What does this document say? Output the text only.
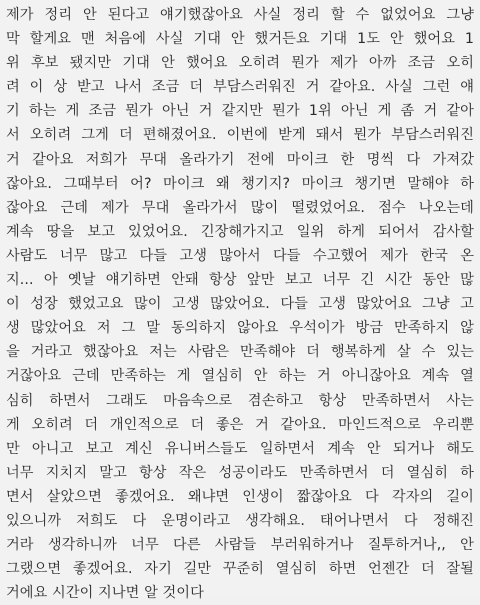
제가 정리 안 된다고 얘기했잖아요 사실 정리 할 수 없었어요 그냥
막 할게요 맨 처음에 사실 기대 안 했거든요 기대 1도 안 했어요 1
위 후보 됐지만 기대 안 했어요 오히려 뭔가 제가 아까 조금 오히
려 이 상 받고 나서 조금 더 부담스러워진 거 같아요. 사실 그런 얘
기 하는 게 조금 뭔가 아닌 거 같지만 뭔가 1위 아닌 게 좀 거 같아
서 오히려 그게 더 편해졌어요. 이번에 받게 돼서 뭔가 부담스러워진
거 같아요 저희가 무대 올라가기 전에 마이크 한 명씩 다 가져갔
잖아요. 그때부터 어? 마이크 왜 챙기지? 마이크 챙기면 말해야 하
잖아요 근데 제가 무대 올라가서 많이 떨렸었어요. 점수 나오는데
계속 땅을 보고 있었어요. 긴장해가지고 일위 하게 되어서 감사할
사람도 너무 많고 다들 고생 많아서 다들 수고했어 제가 한국 온
지... 아 옛날 얘기하면 안돼 항상 앞만 보고 너무 긴 시간 동안 많
이 성장 했었고요 많이 고생 많았어요. 다들 고생 많았어요 그냥 고
생 많았어요 저 그 말 동의하지 않아요 우석이가 방금 만족하지 않
을 거라고 했잖아요 저는 사람은 만족해야 더 행복하게 살 수 있는
거잖아요 근데 만족하는 게 열심히 안 하는 거 아니잖아요 계속 열
심히 하면서 그래도 마음속으로 겸손하고 항상 만족하면서 사는
게 오히려 더 개인적으로 더 좋은 거 같아요. 마인드적으로 우리뿐
만 아니고 보고 계신 유니버스들도 일하면서 계속 안 되거나 해도
너무 지치지 말고 항상 작은 성공이라도 만족하면서 더 열심히 하
면서 살았으면 좋겠어요. 왜냐면 인생이 짧잖아요 다 각자의 길이
있으니까 저희도 다 운명이라고 생각해요. 태어나면서 다 정해진
거라 생각하니까 너무 다른 사람들 부러워하거나 질투하거나,, 안
그랬으면 좋겠어요. 자기 길만 꾸준히 열심히 하면 언젠간 더 잘될
거에요 시간이 지나면 알 것이다
